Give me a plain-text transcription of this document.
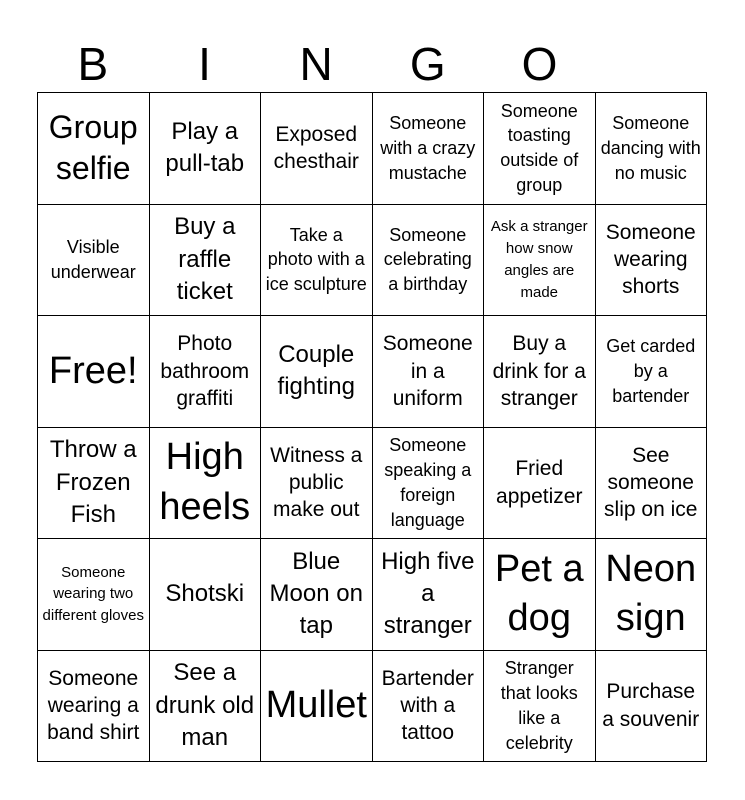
B	I	N	G	O
Group selfie
Play a pull-tab
Exposed chesthair
Someone with a crazy mustache
Someone toasting outside of group
Someone dancing with no music
Visible underwear
Buy a raffle ticket
Take a photo with a ice sculpture
Someone celebrating a birthday
Ask a stranger how snow angles are made
Someone wearing shorts
Free!
Photo bathroom graffiti
Couple fighting
Someone in a uniform
Buy a drink for a stranger
Get carded by a bartender
Throw a Frozen Fish
High heels
Witness a public make out
Someone speaking a foreign language
Fried appetizer
See someone slip on ice
Someone wearing two different gloves
Shotski
Blue Moon on tap
High five a stranger
Pet a dog
Neon sign
Someone wearing a band shirt
See a drunk old man
Mullet
Bartender with a tattoo
Stranger that looks like a celebrity
Purchase a souvenir
